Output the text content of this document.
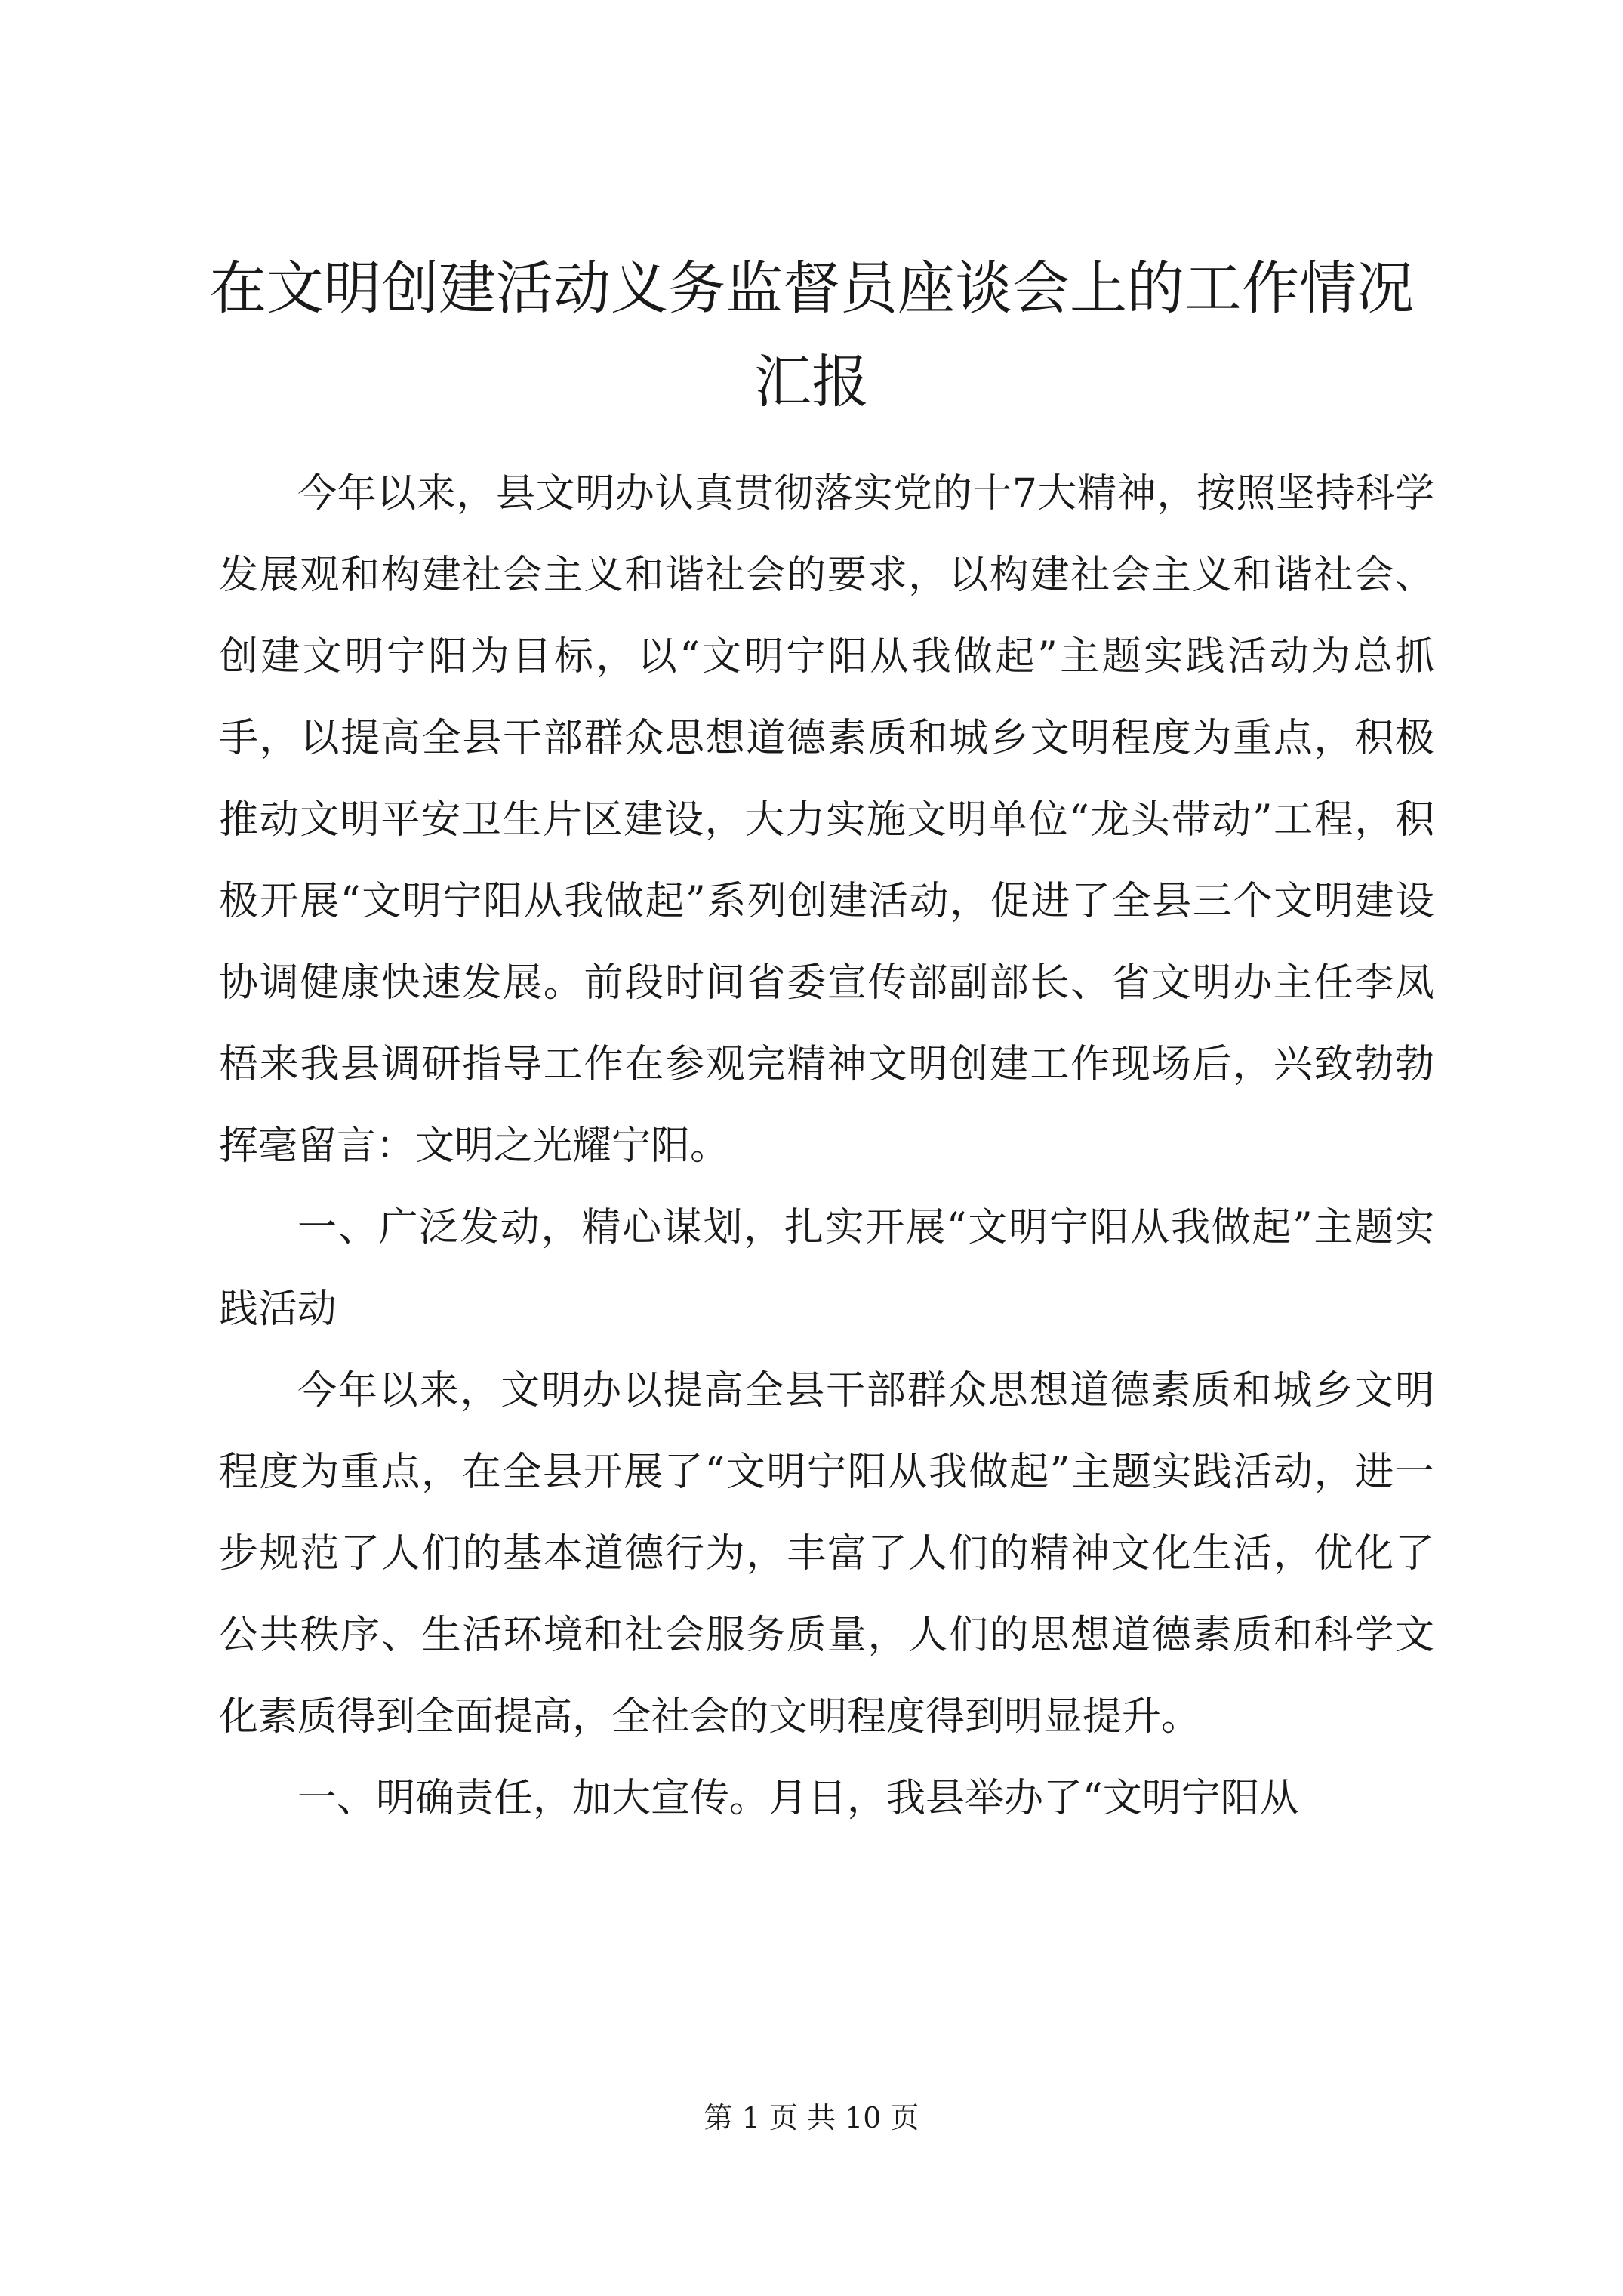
在文明创建活动义务监督员座谈会上的工作情况汇报

今年以来，县文明办认真贯彻落实党的十7大精神，按照坚持科学发展观和构建社会主义和谐社会的要求，以构建社会主义和谐社会、创建文明宁阳为目标，以“文明宁阳从我做起”主题实践活动为总抓手，以提高全县干部群众思想道德素质和城乡文明程度为重点，积极推动文明平安卫生片区建设，大力实施文明单位“龙头带动”工程，积极开展“文明宁阳从我做起”系列创建活动，促进了全县三个文明建设协调健康快速发展。前段时间省委宣传部副部长、省文明办主任李凤梧来我县调研指导工作在参观完精神文明创建工作现场后，兴致勃勃挥毫留言：文明之光耀宁阳。

一、广泛发动，精心谋划，扎实开展“文明宁阳从我做起”主题实践活动

今年以来，文明办以提高全县干部群众思想道德素质和城乡文明程度为重点，在全县开展了“文明宁阳从我做起”主题实践活动，进一步规范了人们的基本道德行为，丰富了人们的精神文化生活，优化了公共秩序、生活环境和社会服务质量，人们的思想道德素质和科学文化素质得到全面提高，全社会的文明程度得到明显提升。

一、明确责任，加大宣传。月日，我县举办了“文明宁阳从

第 1 页 共 10 页
